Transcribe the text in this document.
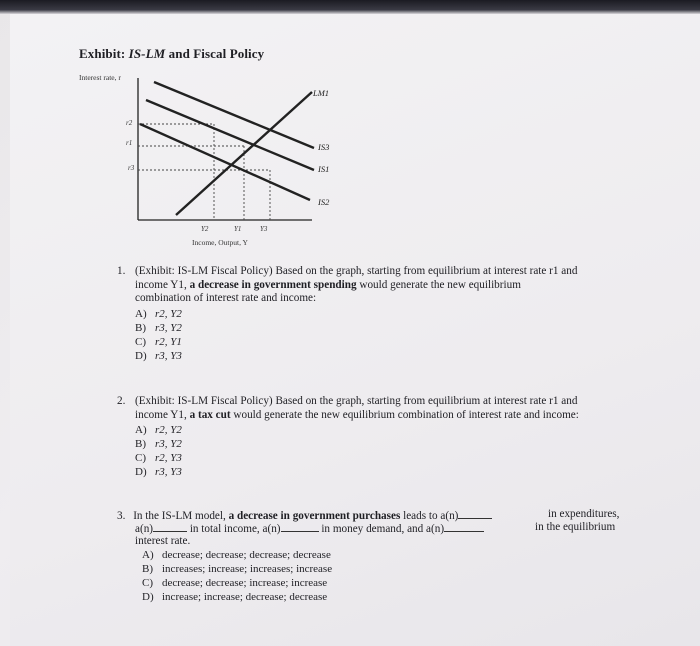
Exhibit: IS-LM and Fiscal Policy
Interest rate, r
Income, Output, Y
r2
r1
r3
Y2	Y1	Y3
LM1
IS3
IS1
IS2
1. (Exhibit: IS-LM Fiscal Policy) Based on the graph, starting from equilibrium at interest rate r1 and
income Y1, a decrease in government spending would generate the new equilibrium
combination of interest rate and income:
A) r2, Y2
B) r3, Y2
C) r2, Y1
D) r3, Y3
2. (Exhibit: IS-LM Fiscal Policy) Based on the graph, starting from equilibrium at interest rate r1 and
income Y1, a tax cut would generate the new equilibrium combination of interest rate and income:
A) r2, Y2
B) r3, Y2
C) r2, Y3
D) r3, Y3
3. In the IS-LM model, a decrease in government purchases leads to a(n)	in expenditures,
a(n)	in total income, a(n)	in money demand, and a(n)	in the equilibrium
interest rate.
A) decrease; decrease; decrease; decrease
B) increases; increase; increases; increase
C) decrease; decrease; increase; increase
D) increase; increase; decrease; decrease
